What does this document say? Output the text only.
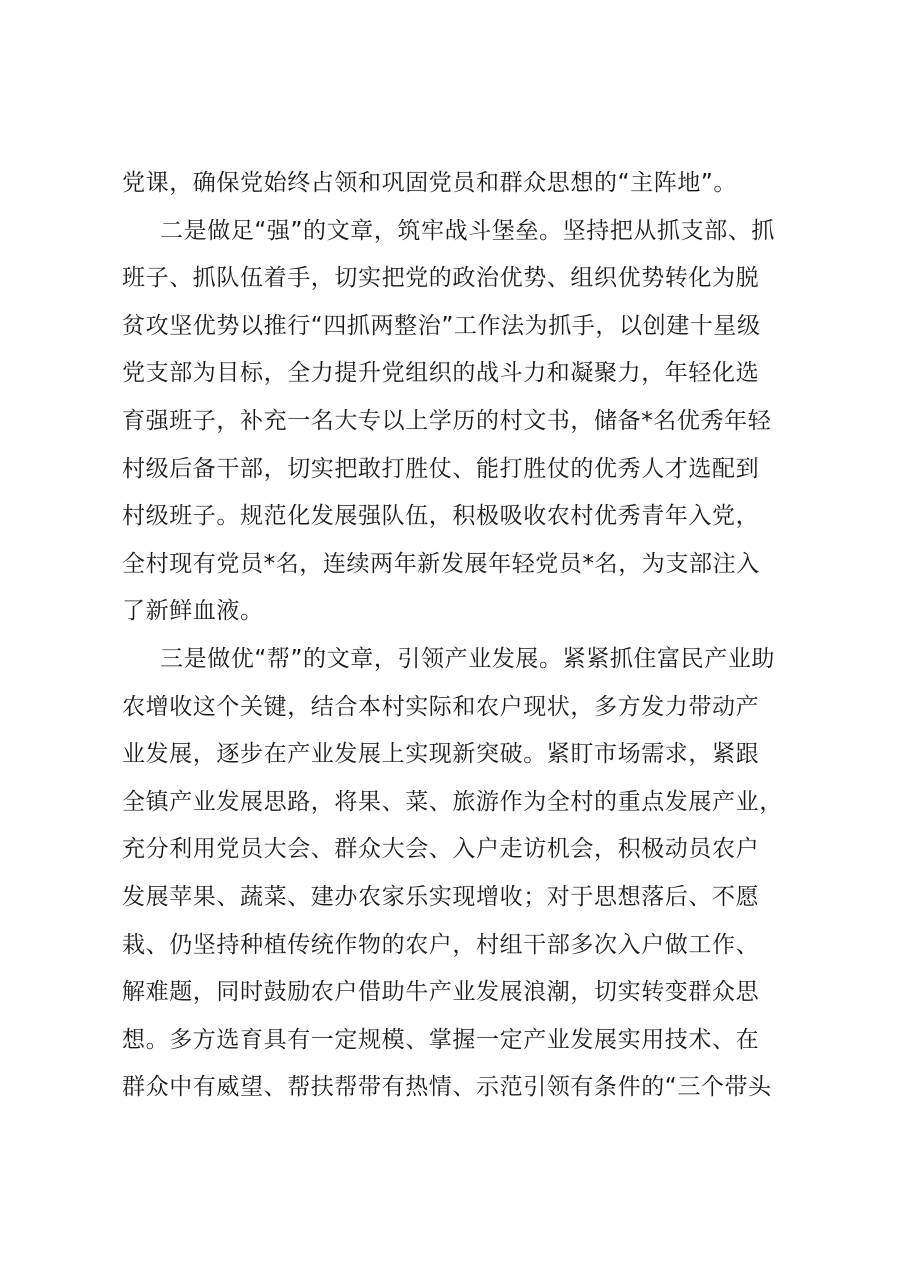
党课，确保党始终占领和巩固党员和群众思想的“主阵地”。
二是做足“强”的文章，筑牢战斗堡垒。坚持把从抓支部、抓
班子、抓队伍着手，切实把党的政治优势、组织优势转化为脱
贫攻坚优势以推行“四抓两整治”工作法为抓手，以创建十星级
党支部为目标，全力提升党组织的战斗力和凝聚力，年轻化选
育强班子，补充一名大专以上学历的村文书，储备*名优秀年轻
村级后备干部，切实把敢打胜仗、能打胜仗的优秀人才选配到
村级班子。规范化发展强队伍，积极吸收农村优秀青年入党，
全村现有党员*名，连续两年新发展年轻党员*名，为支部注入
了新鲜血液。
三是做优“帮”的文章，引领产业发展。紧紧抓住富民产业助
农增收这个关键，结合本村实际和农户现状，多方发力带动产
业发展，逐步在产业发展上实现新突破。紧盯市场需求，紧跟
全镇产业发展思路，将果、菜、旅游作为全村的重点发展产业，
充分利用党员大会、群众大会、入户走访机会，积极动员农户
发展苹果、蔬菜、建办农家乐实现增收；对于思想落后、不愿
栽、仍坚持种植传统作物的农户，村组干部多次入户做工作、
解难题，同时鼓励农户借助牛产业发展浪潮，切实转变群众思
想。多方选育具有一定规模、掌握一定产业发展实用技术、在
群众中有威望、帮扶帮带有热情、示范引领有条件的“三个带头
